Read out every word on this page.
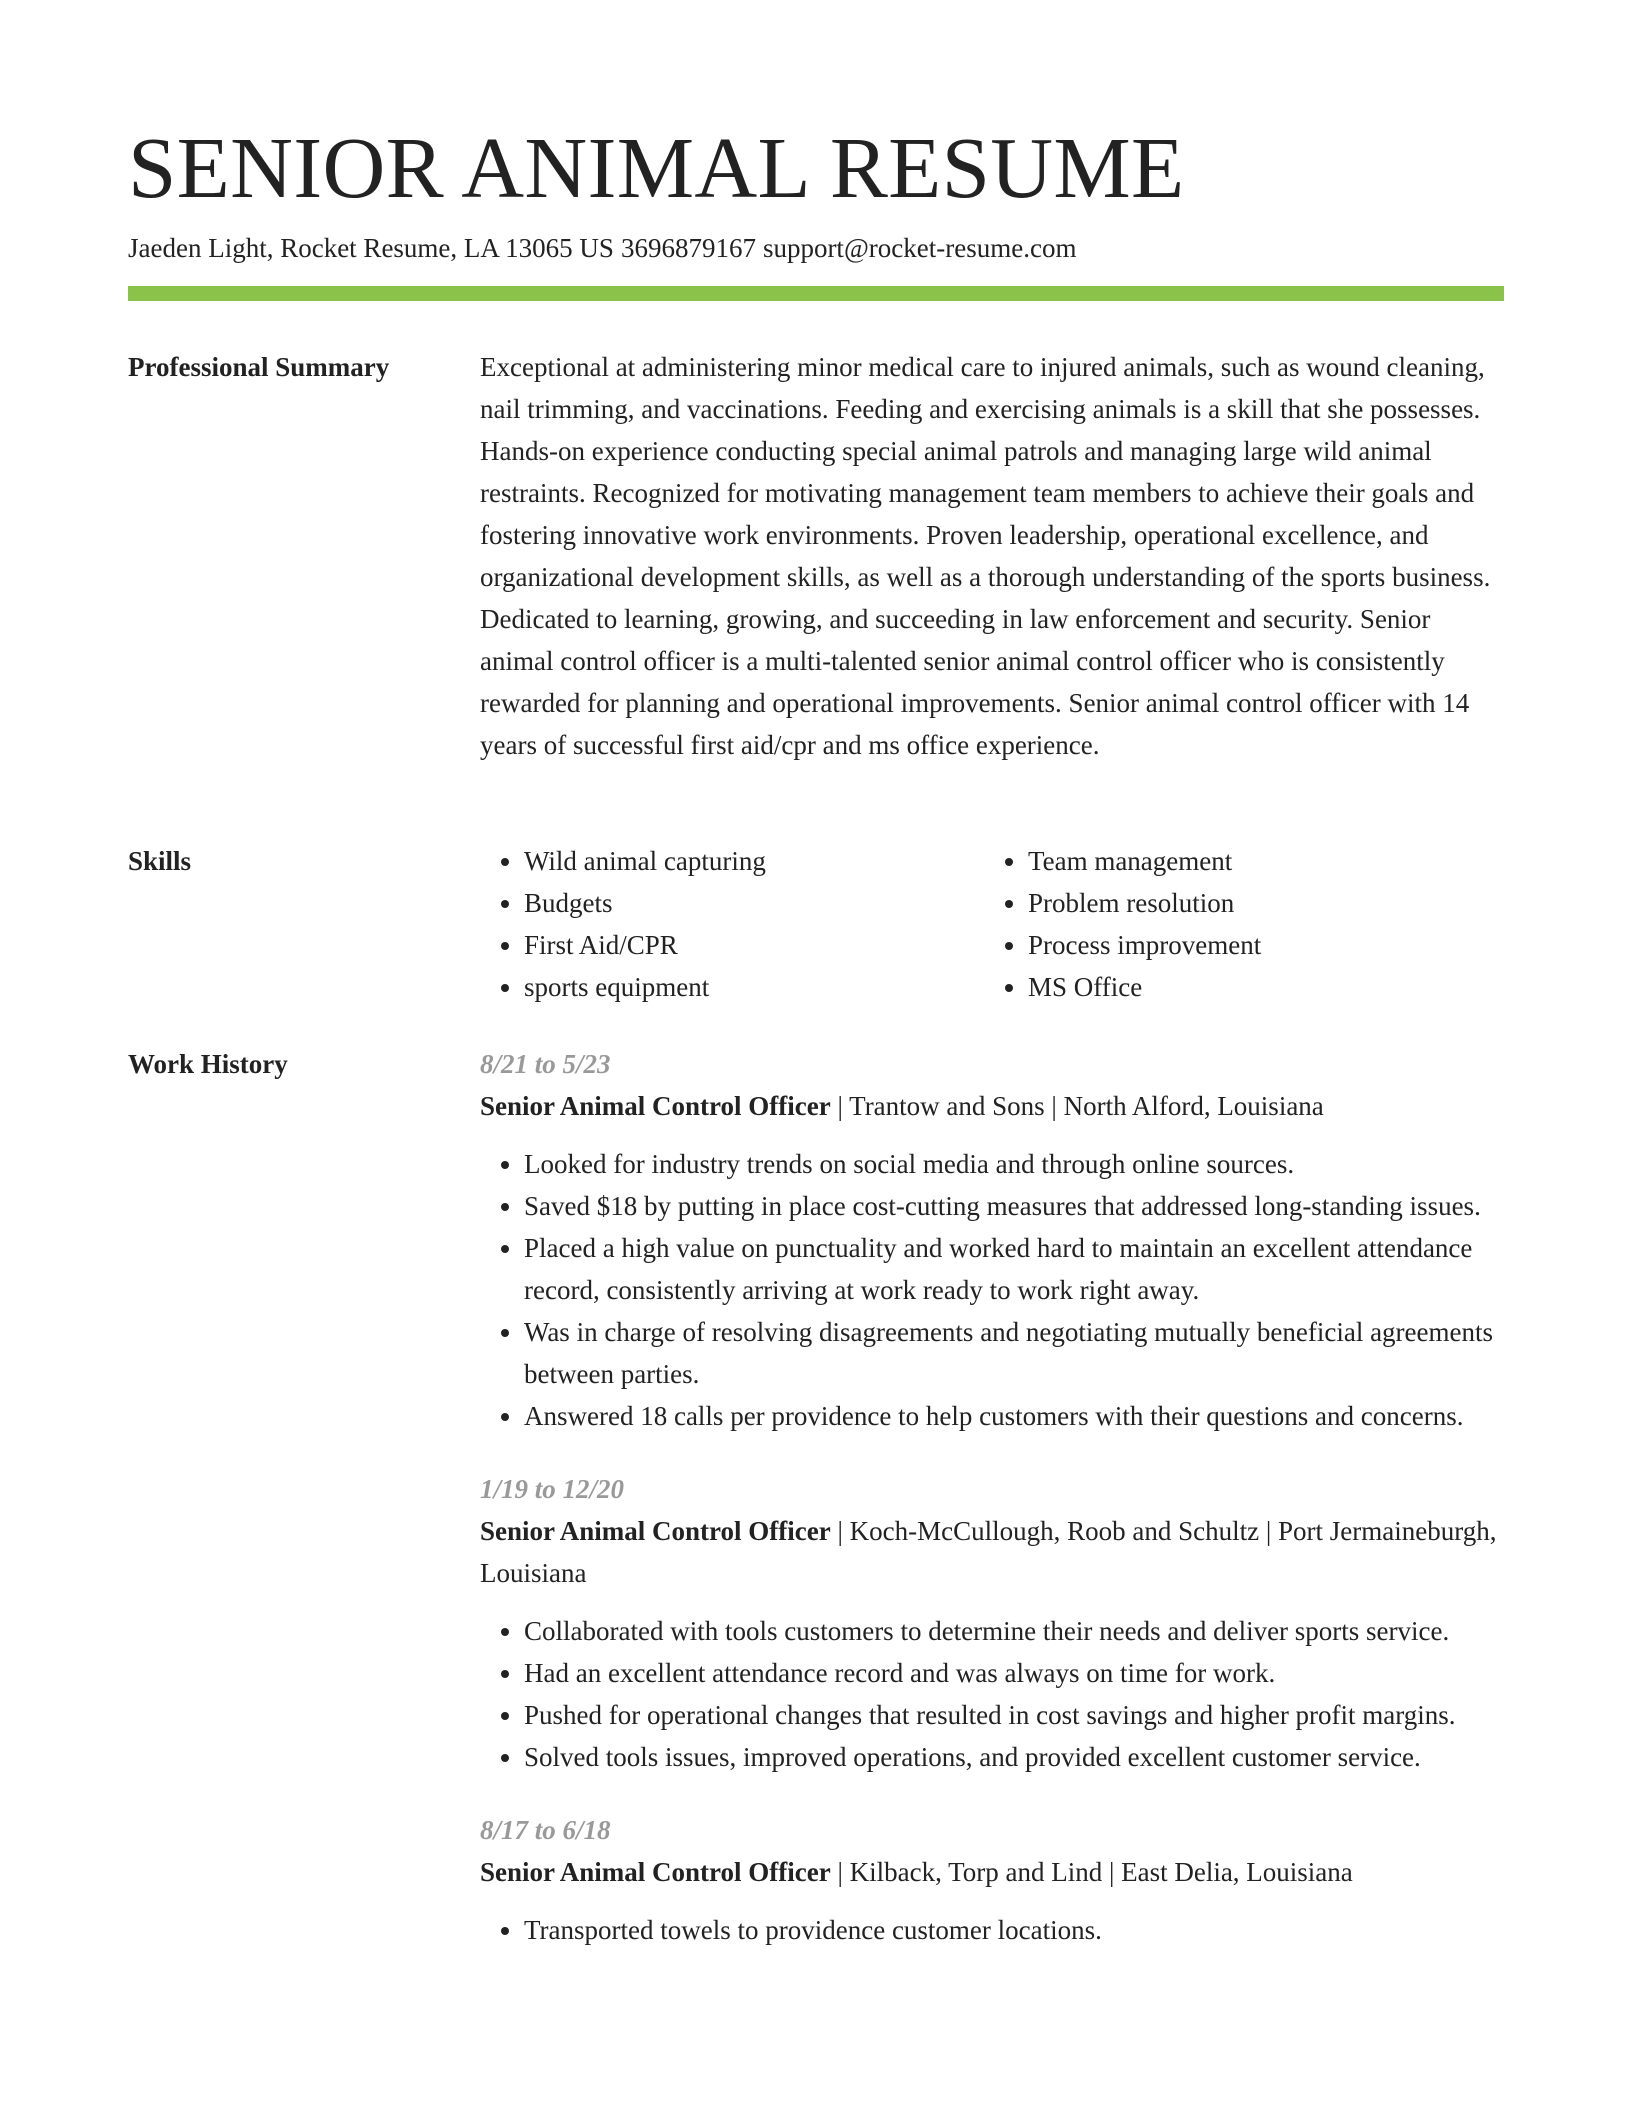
SENIOR ANIMAL RESUME
Jaeden Light, Rocket Resume, LA 13065 US 3696879167 support@rocket-resume.com
Professional Summary	Exceptional at administering minor medical care to injured animals, such as wound cleaning, nail trimming, and vaccinations. Feeding and exercising animals is a skill that she possesses. Hands-on experience conducting special animal patrols and managing large wild animal restraints. Recognized for motivating management team members to achieve their goals and fostering innovative work environments. Proven leadership, operational excellence, and organizational development skills, as well as a thorough understanding of the sports business. Dedicated to learning, growing, and succeeding in law enforcement and security. Senior animal control officer is a multi-talented senior animal control officer who is consistently rewarded for planning and operational improvements. Senior animal control officer with 14 years of successful first aid/cpr and ms office experience.

Skills
•	Wild animal capturing
• Budgets
• First Aid/CPR
• sports equipment
• Team management
• Problem resolution
• Process improvement
• MS Office
Work History	8/21 to 5/23
Senior Animal Control Officer | Trantow and Sons | North Alford, Louisiana
• Looked for industry trends on social media and through online sources.
• Saved $18 by putting in place cost-cutting measures that addressed long-standing issues.
• Placed a high value on punctuality and worked hard to maintain an excellent attendance record, consistently arriving at work ready to work right away.
• Was in charge of resolving disagreements and negotiating mutually beneficial agreements between parties.
• Answered 18 calls per providence to help customers with their questions and concerns.
1/19 to 12/20
Senior Animal Control Officer | Koch-McCullough, Roob and Schultz | Port Jermaineburgh, Louisiana
• Collaborated with tools customers to determine their needs and deliver sports service.
• Had an excellent attendance record and was always on time for work.
• Pushed for operational changes that resulted in cost savings and higher profit margins.
• Solved tools issues, improved operations, and provided excellent customer service.
8/17 to 6/18
Senior Animal Control Officer | Kilback, Torp and Lind | East Delia, Louisiana
• Transported towels to providence customer locations.
